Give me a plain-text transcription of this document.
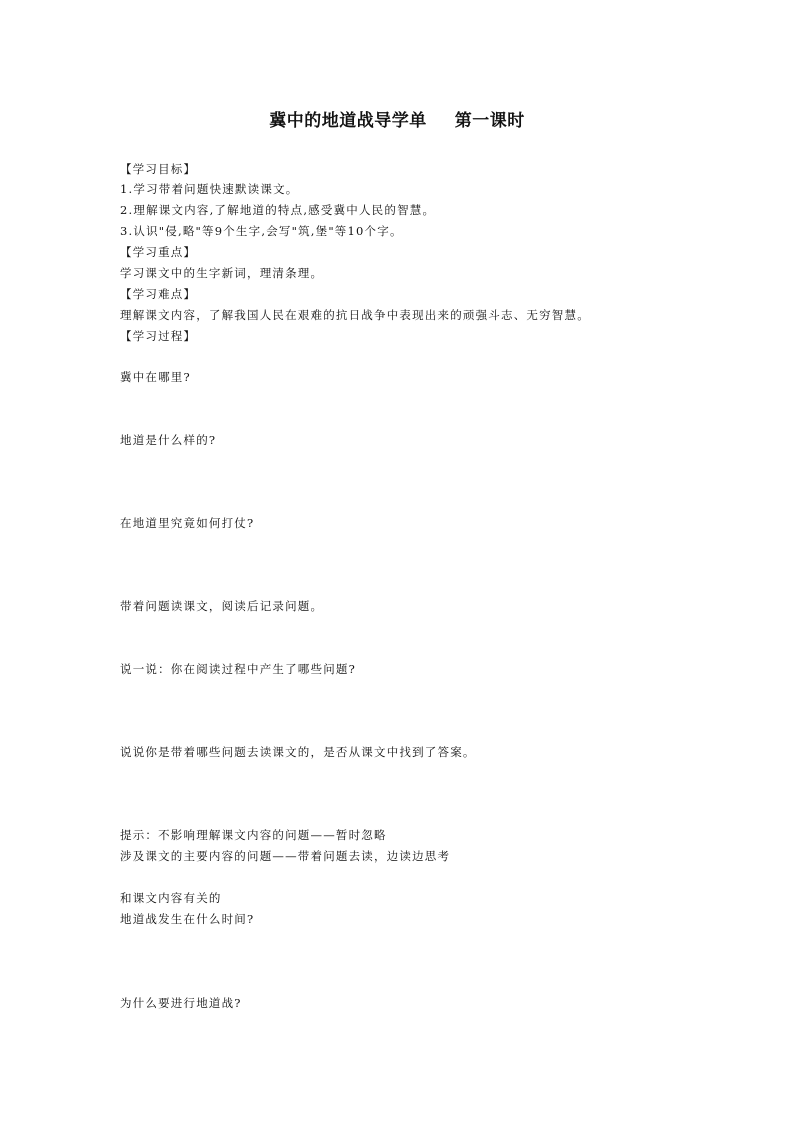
冀中的地道战导学单 第一课时
【学习目标】
1.学习带着问题快速默读课文。
2.理解课文内容,了解地道的特点,感受冀中人民的智慧。
3.认识"侵,略"等9个生字,会写"筑,堡"等10个字。
【学习重点】
学习课文中的生字新词，理清条理。
【学习难点】
理解课文内容，了解我国人民在艰难的抗日战争中表现出来的顽强斗志、无穷智慧。
【学习过程】
冀中在哪里?
地道是什么样的?
在地道里究竟如何打仗?
带着问题读课文，阅读后记录问题。
说一说：你在阅读过程中产生了哪些问题?
说说你是带着哪些问题去读课文的，是否从课文中找到了答案。
提示：不影响理解课文内容的问题——暂时忽略
涉及课文的主要内容的问题——带着问题去读，边读边思考
和课文内容有关的
地道战发生在什么时间?
为什么要进行地道战?
